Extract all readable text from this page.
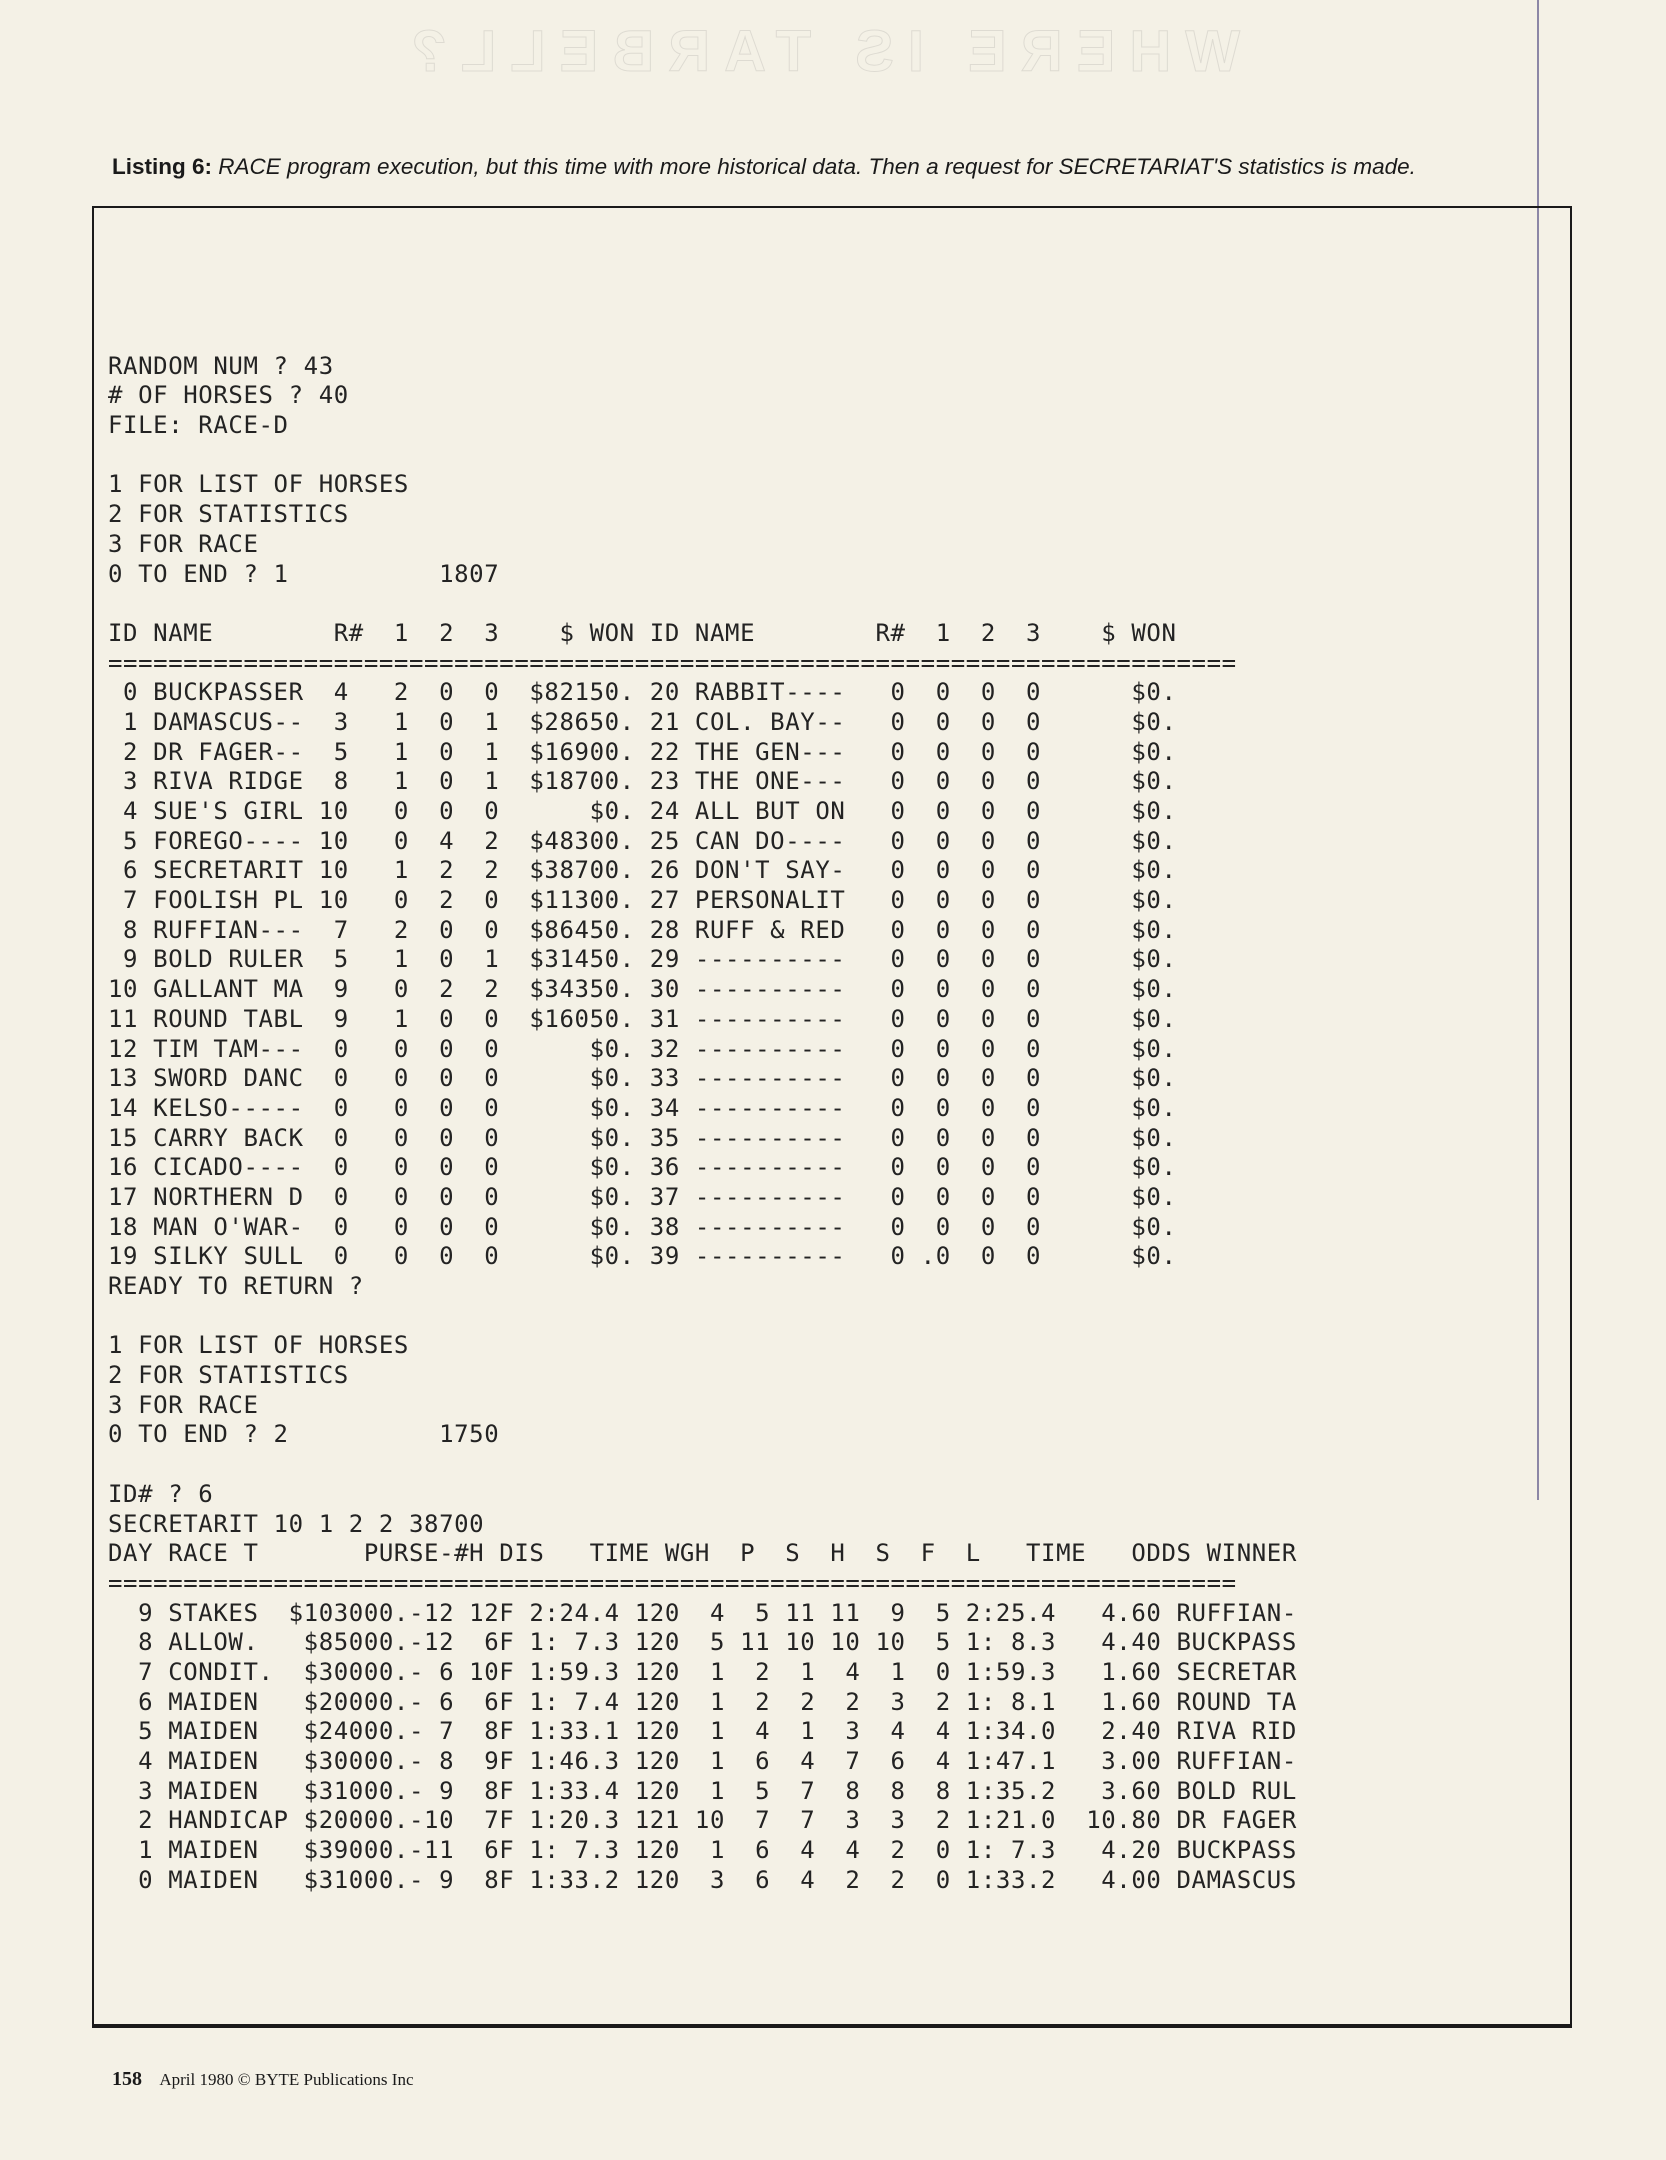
WHERE IS TARBELL?
Listing 6: RACE program execution, but this time with more historical data. Then a request for SECRETARIAT'S statistics is made.
RANDOM NUM ? 43
# OF HORSES ? 40
FILE: RACE-D
1 FOR LIST OF HORSES
2 FOR STATISTICS
3 FOR RACE
0 TO END ? 1          1807
ID NAME        R#  1  2  3    $ WON ID NAME        R#  1  2  3    $ WON
===========================================================================
0 BUCKPASSER  4   2  0  0  $82150. 20 RABBIT----   0  0  0  0      $0.
1 DAMASCUS--  3   1  0  1  $28650. 21 COL. BAY--   0  0  0  0      $0.
2 DR FAGER--  5   1  0  1  $16900. 22 THE GEN---   0  0  0  0      $0.
3 RIVA RIDGE  8   1  0  1  $18700. 23 THE ONE---   0  0  0  0      $0.
4 SUE'S GIRL 10   0  0  0      $0. 24 ALL BUT ON   0  0  0  0      $0.
5 FOREGO---- 10   0  4  2  $48300. 25 CAN DO----   0  0  0  0      $0.
6 SECRETARIT 10   1  2  2  $38700. 26 DON'T SAY-   0  0  0  0      $0.
7 FOOLISH PL 10   0  2  0  $11300. 27 PERSONALIT   0  0  0  0      $0.
8 RUFFIAN---  7   2  0  0  $86450. 28 RUFF & RED   0  0  0  0      $0.
9 BOLD RULER  5   1  0  1  $31450. 29 ----------   0  0  0  0      $0.
10 GALLANT MA  9   0  2  2  $34350. 30 ----------   0  0  0  0      $0.
11 ROUND TABL  9   1  0  0  $16050. 31 ----------   0  0  0  0      $0.
12 TIM TAM---  0   0  0  0      $0. 32 ----------   0  0  0  0      $0.
13 SWORD DANC  0   0  0  0      $0. 33 ----------   0  0  0  0      $0.
14 KELSO-----  0   0  0  0      $0. 34 ----------   0  0  0  0      $0.
15 CARRY BACK  0   0  0  0      $0. 35 ----------   0  0  0  0      $0.
16 CICADO----  0   0  0  0      $0. 36 ----------   0  0  0  0      $0.
17 NORTHERN D  0   0  0  0      $0. 37 ----------   0  0  0  0      $0.
18 MAN O'WAR-  0   0  0  0      $0. 38 ----------   0  0  0  0      $0.
19 SILKY SULL  0   0  0  0      $0. 39 ----------   0 .0  0  0      $0.
READY TO RETURN ?
1 FOR LIST OF HORSES
2 FOR STATISTICS
3 FOR RACE
0 TO END ? 2          1750
ID# ? 6
SECRETARIT 10 1 2 2 38700
DAY RACE T       PURSE-#H DIS   TIME WGH  P  S  H  S  F  L   TIME   ODDS WINNER
===========================================================================
9 STAKES  $103000.-12 12F 2:24.4 120  4  5 11 11  9  5 2:25.4   4.60 RUFFIAN-
8 ALLOW.   $85000.-12  6F 1: 7.3 120  5 11 10 10 10  5 1: 8.3   4.40 BUCKPASS
7 CONDIT.  $30000.- 6 10F 1:59.3 120  1  2  1  4  1  0 1:59.3   1.60 SECRETAR
6 MAIDEN   $20000.- 6  6F 1: 7.4 120  1  2  2  2  3  2 1: 8.1   1.60 ROUND TA
5 MAIDEN   $24000.- 7  8F 1:33.1 120  1  4  1  3  4  4 1:34.0   2.40 RIVA RID
4 MAIDEN   $30000.- 8  9F 1:46.3 120  1  6  4  7  6  4 1:47.1   3.00 RUFFIAN-
3 MAIDEN   $31000.- 9  8F 1:33.4 120  1  5  7  8  8  8 1:35.2   3.60 BOLD RUL
2 HANDICAP $20000.-10  7F 1:20.3 121 10  7  7  3  3  2 1:21.0  10.80 DR FAGER
1 MAIDEN   $39000.-11  6F 1: 7.3 120  1  6  4  4  2  0 1: 7.3   4.20 BUCKPASS
0 MAIDEN   $31000.- 9  8F 1:33.2 120  3  6  4  2  2  0 1:33.2   4.00 DAMASCUS
158 April 1980 © BYTE Publications Inc
